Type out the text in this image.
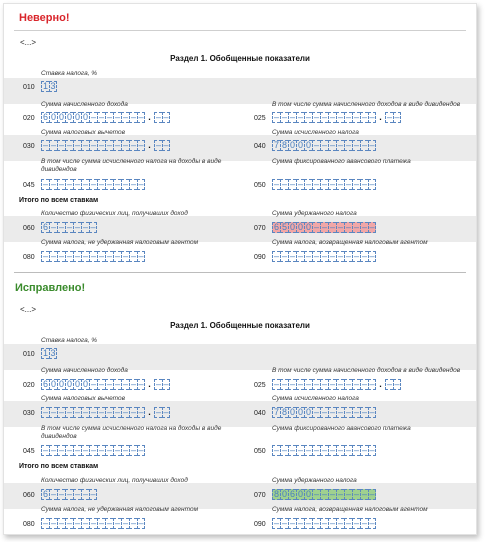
Неверно!
<...>
Раздел 1. Обобщенные показатели
Ставка налога, %
010 1 3
Сумма начисленного дохода	В том числе сумма начисленного доходов в виде дивидендов
020	025
6 0 0 0 0 0 – – – – – – – . – –	– – – – – – – – – – – – – . – –
Сумма налоговых вычетов	Сумма исчисленного налога
030	040
– – – – – – – – – – – – – . – –	7 8 0 0 0 – – – – – – – –
В том числе сумма исчисленного налога на доходы в виде дивидендов
Сумма фиксированного авансового платежа
045	050
– – – – – – – – – – – – –	– – – – – – – – – – – – –
Итого по всем ставкам
Количество физических лиц, получивших доход	Сумма удержанного налога
060	070
6 – – – – – –	6 5 0 0 0 – – – – – – – –
Сумма налога, не удержанная налоговым агентом	Сумма налога, возвращенная налоговым агентом
080	090
– – – – – – – – – – – – –	– – – – – – – – – – – – –
<...>
Раздел 1. Обобщенные показатели
Ставка налога, %
010 1 3
Сумма начисленного дохода	В том числе сумма начисленного доходов в виде дивидендов
020	025
6 0 0 0 0 0 – – – – – – – . – –	– – – – – – – – – – – – – . – –
Сумма налоговых вычетов	Сумма исчисленного налога
030	040
– – – – – – – – – – – – – . – –	7 8 0 0 0 – – – – – – – –
В том числе сумма исчисленного налога на доходы в виде дивидендов
Сумма фиксированного авансового платежа
045	050
– – – – – – – – – – – – –	– – – – – – – – – – – – –
Итого по всем ставкам
Количество физических лиц, получивших доход	Сумма удержанного налога
060	070
6 – – – – – –	8 0 6 0 0 – – – – – – – –
Сумма налога, не удержанная налоговым агентом	Сумма налога, возвращенная налоговым агентом
080	090
– – – – – – – – – – – – –	– – – – – – – – – – – – –
Исправлено!
